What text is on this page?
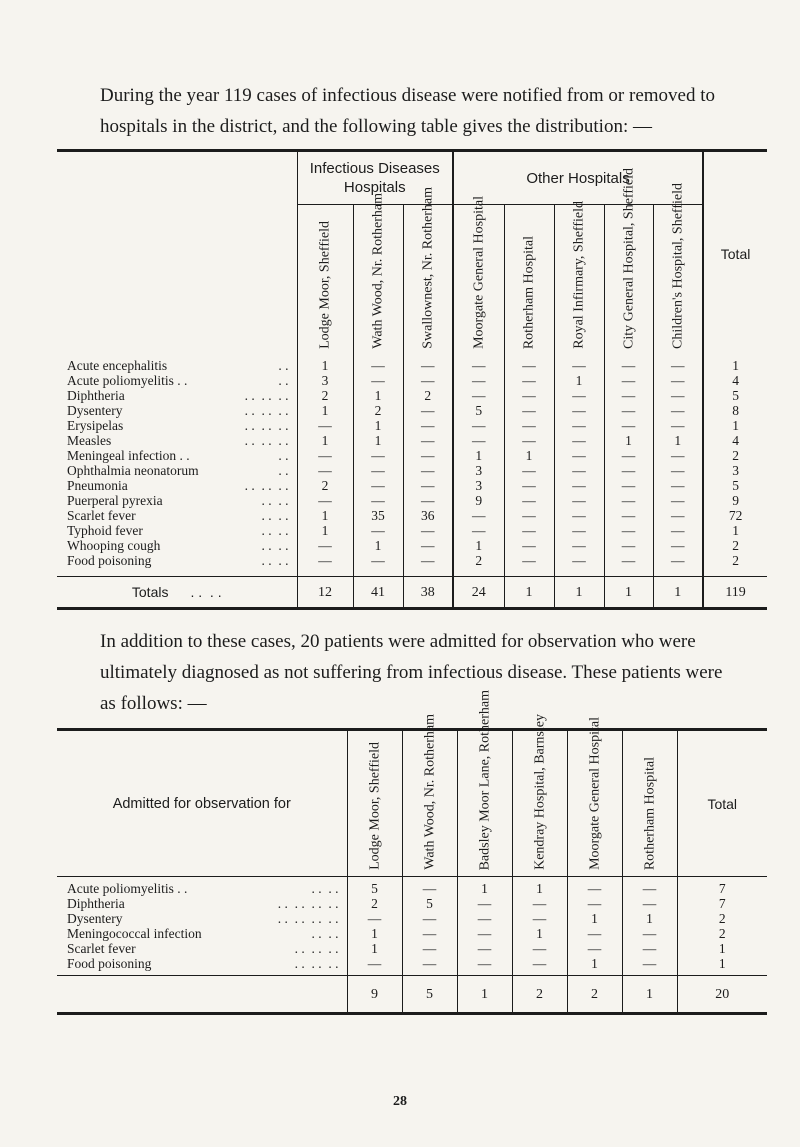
During the year 119 cases of infectious disease were notified from or removed to hospitals in the district, and the following table gives the distribution: —

	Infectious Diseases Hospitals			Other Hospitals					Total

	Lodge Moor, Sheffield	Wath Wood, Nr. Rotherham	Swallownest, Nr. Rotherham	Moorgate General Hospital	Rotherham Hospital	Royal Infirmary, Sheffield	City General Hospital, Sheffield	Children's Hospital, Sheffield	

Acute encephalitis . .	1	—	—	—	—	—	—	—	1
Acute poliomyelitis . . . .	3	—	—	—	—	1	—	—	4
Diphtheria . .  . .  . .	2	1	2	—	—	—	—	—	5
Dysentery . .  . .  . .	1	2	—	5	—	—	—	—	8
Erysipelas . .  . .  . .	—	1	—	—	—	—	—	—	1
Measles . .  . .  . .	1	1	—	—	—	—	1	1	4
Meningeal infection . . . .	—	—	—	1	1	—	—	—	2
Ophthalmia neonatorum . .	—	—	—	3	—	—	—	—	3
Pneumonia . .  . .  . .	2	—	—	3	—	—	—	—	5
Puerperal pyrexia . .  . .	—	—	—	9	—	—	—	—	9
Scarlet fever . .  . .	1	35	36	—	—	—	—	—	72
Typhoid fever . .  . .	1	—	—	—	—	—	—	—	1
Whooping cough . .  . .	—	1	—	1	—	—	—	—	2
Food poisoning . .  . .	—	—	—	2	—	—	—	—	2

Totals . .  . .	12	41	38	24	1	1	1	1	119

In addition to these cases, 20 patients were admitted for observation who were ultimately diagnosed as not suffering from infectious disease. These patients were as follows: —

Admitted for observation for	Lodge Moor, Sheffield	Wath Wood, Nr. Rotherham	Badsley Moor Lane, Rotherham	Kendray Hospital, Barnsley	Moorgate General Hospital	Rotherham Hospital	Total
Acute poliomyelitis . . . .  . .	5	—	1	1	—	—	7
Diphtheria . .  . .  . .  . .	2	5	—	—	—	—	7
Dysentery . .  . .  . .  . .	—	—	—	—	1	1	2
Meningococcal infection . .  . .	1	—	—	1	—	—	2
Scarlet fever . .  . .  . .	1	—	—	—	—	—	1
Food poisoning . .  . .  . .	—	—	—	—	1	—	1

	9	5	1	2	2	1	20
28
